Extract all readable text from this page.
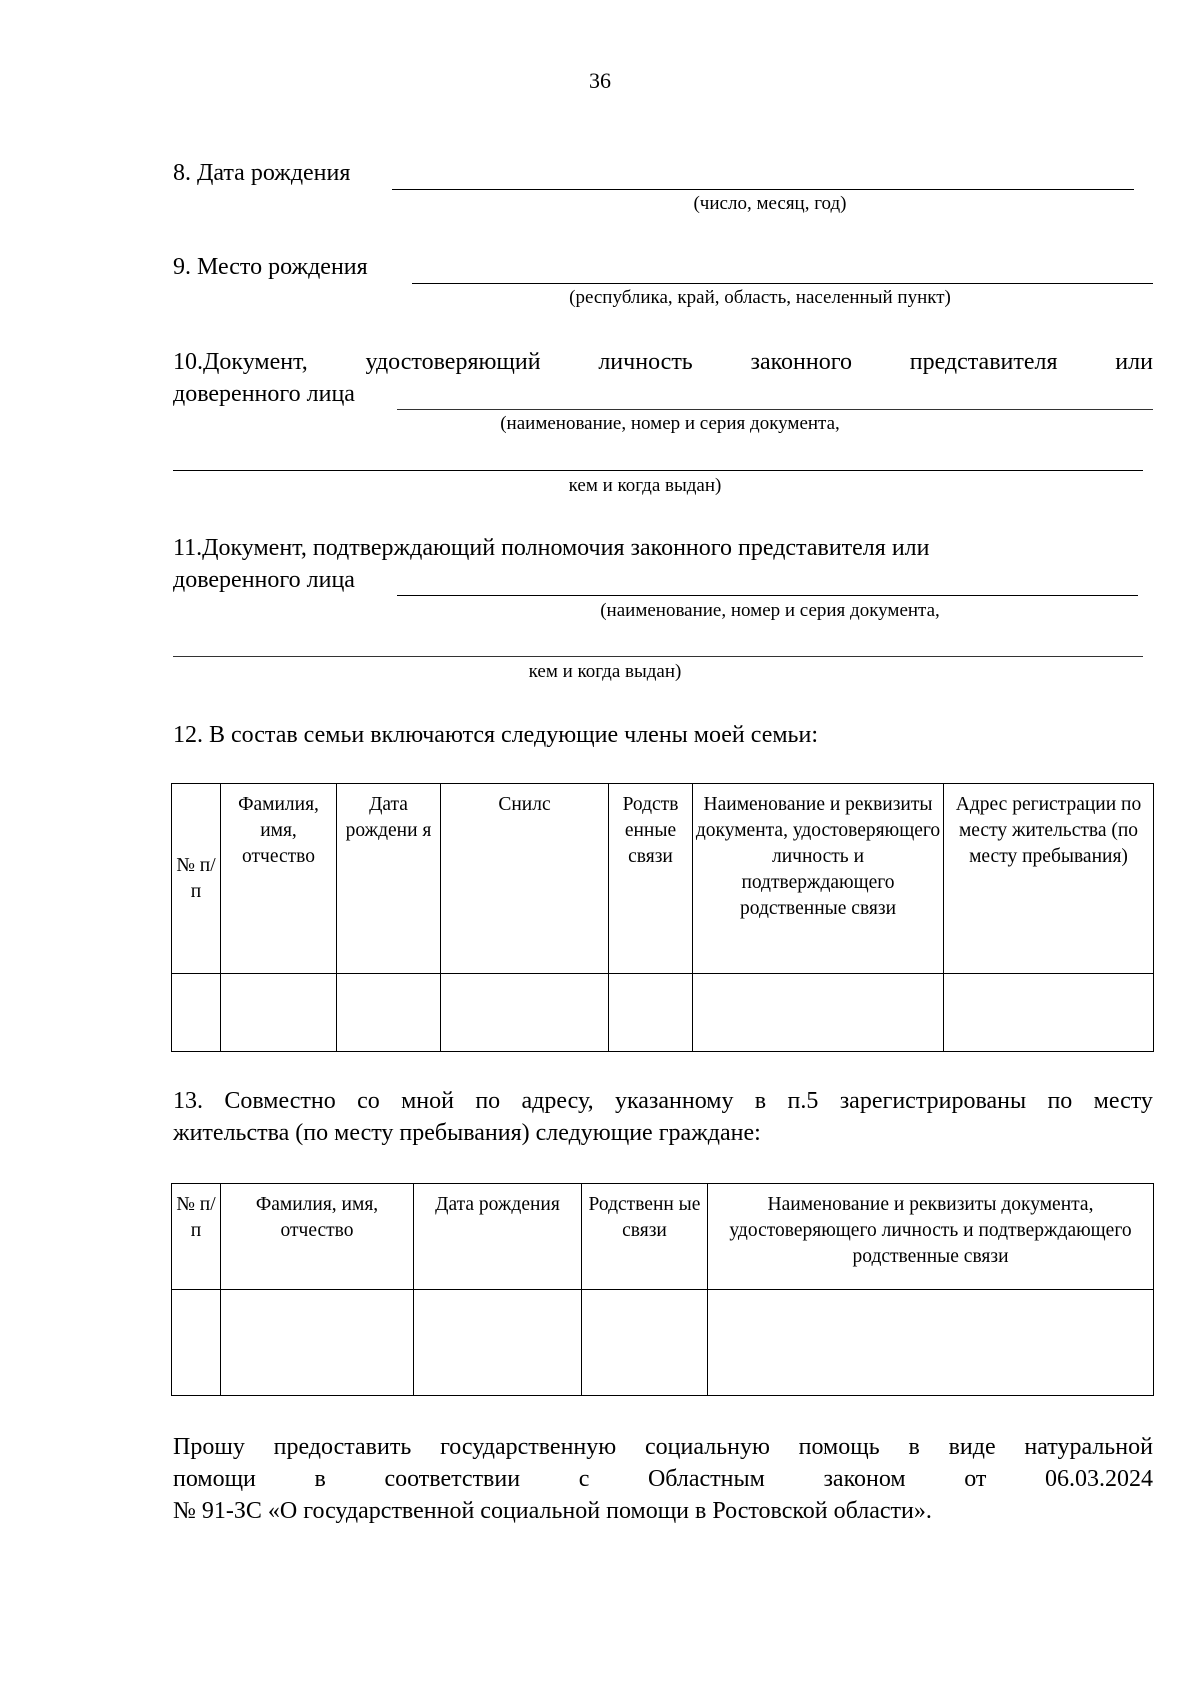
36
8. Дата рождения
(число, месяц, год)
9. Место рождения
(республика, край, область, населенный пункт)
10.Документ, удостоверяющий личность законного представителя или
доверенного лица
(наименование, номер и серия документа,
кем и когда выдан)
11.Документ, подтверждающий полномочия законного представителя или
доверенного лица
(наименование, номер и серия документа,
кем и когда выдан)
12. В состав семьи включаются следующие члены моей семьи:
№ п/п	Фамилия, имя, отчество	Дата рождени я	Снилс	Родств енные связи	Наименование и реквизиты документа, удостоверяющего личность и подтверждающего родственные связи	Адрес регистрации по месту жительства (по месту пребывания)

13. Совместно со мной по адресу, указанному в п.5 зарегистрированы по месту
жительства (по месту пребывания) следующие граждане:
№ п/п	Фамилия, имя, отчество	Дата рождения	Родственн ые связи	Наименование и реквизиты документа, удостоверяющего личность и подтверждающего родственные связи

Прошу предоставить государственную социальную помощь в виде натуральной
помощи в соответствии с Областным законом от 06.03.2024
№ 91-ЗС «О государственной социальной помощи в Ростовской области».
